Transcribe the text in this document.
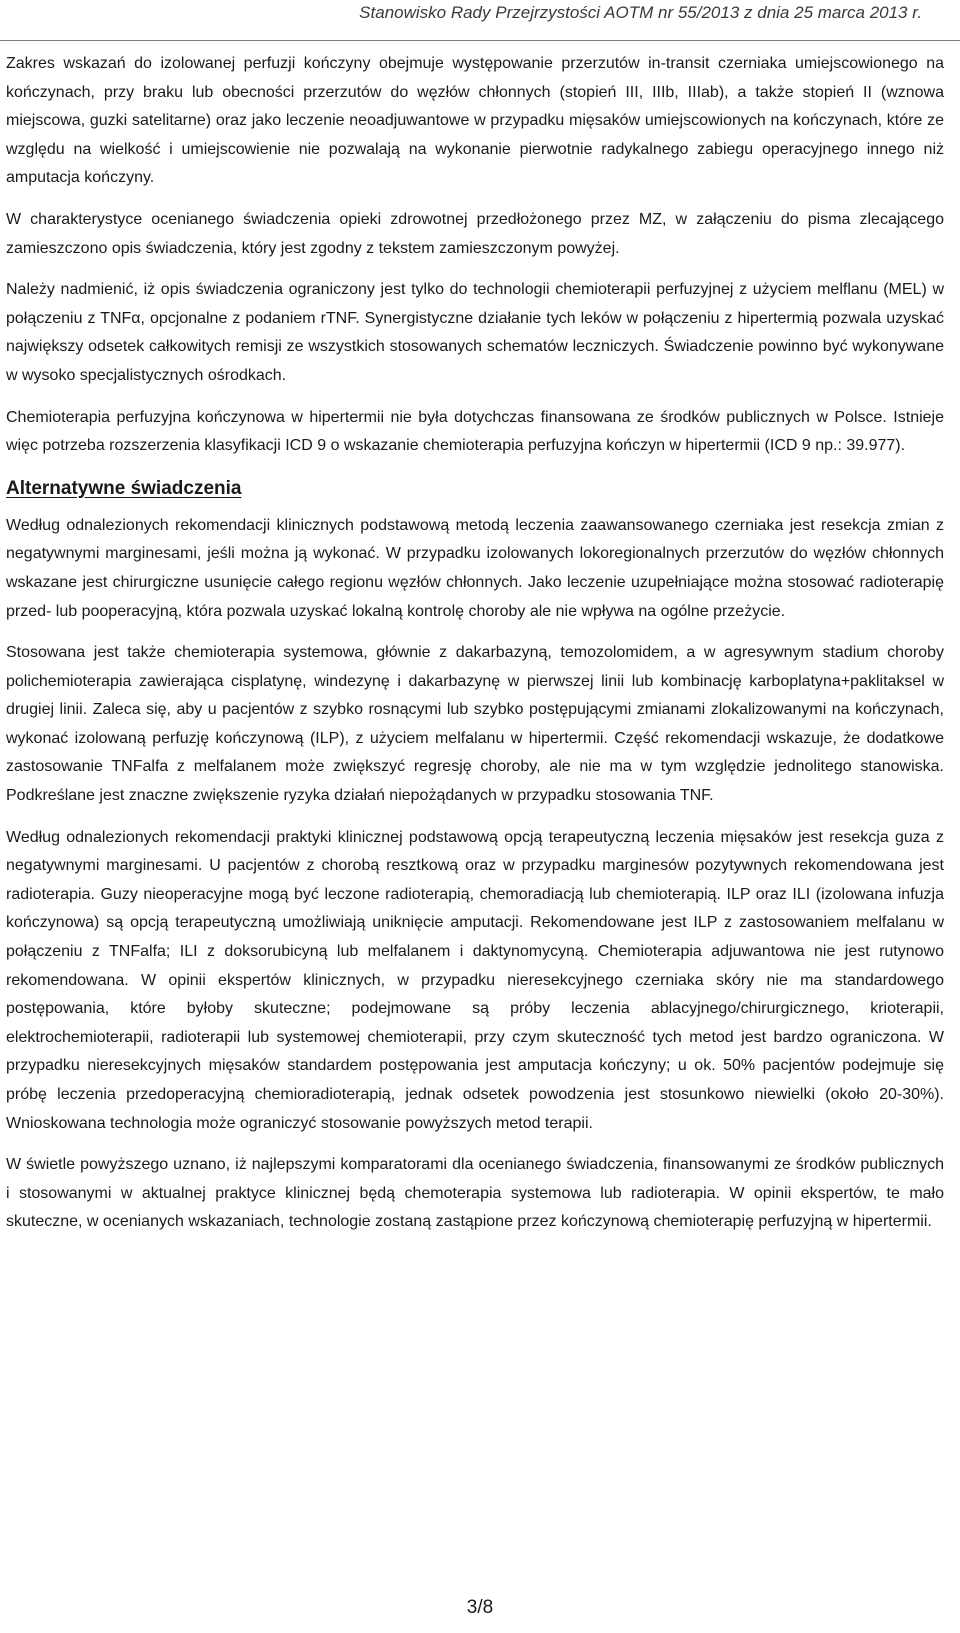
Stanowisko Rady Przejrzystości AOTM nr 55/2013 z dnia 25 marca 2013 r.

Zakres wskazań do izolowanej perfuzji kończyny obejmuje występowanie przerzutów in-transit czerniaka umiejscowionego na kończynach, przy braku lub obecności przerzutów do węzłów chłonnych (stopień III, IIIb, IIIab), a także stopień II (wznowa miejscowa, guzki satelitarne) oraz jako leczenie neoadjuwantowe w przypadku mięsaków umiejscowionych na kończynach, które ze względu na wielkość i umiejscowienie nie pozwalają na wykonanie pierwotnie radykalnego zabiegu operacyjnego innego niż amputacja kończyny.

W charakterystyce ocenianego świadczenia opieki zdrowotnej przedłożonego przez MZ, w załączeniu do pisma zlecającego zamieszczono opis świadczenia, który jest zgodny z tekstem zamieszczonym powyżej.

Należy nadmienić, iż opis świadczenia ograniczony jest tylko do technologii chemioterapii perfuzyjnej z użyciem melflanu (MEL) w połączeniu z TNFα, opcjonalne z podaniem rTNF. Synergistyczne działanie tych leków w połączeniu z hipertermią pozwala uzyskać największy odsetek całkowitych remisji ze wszystkich stosowanych schematów leczniczych. Świadczenie powinno być wykonywane w wysoko specjalistycznych ośrodkach.

Chemioterapia perfuzyjna kończynowa w hipertermii nie była dotychczas finansowana ze środków publicznych w Polsce. Istnieje więc potrzeba rozszerzenia klasyfikacji ICD 9 o wskazanie chemioterapia perfuzyjna kończyn w hipertermii (ICD 9 np.: 39.977).

Alternatywne świadczenia

Według odnalezionych rekomendacji klinicznych podstawową metodą leczenia zaawansowanego czerniaka jest resekcja zmian z negatywnymi marginesami, jeśli można ją wykonać. W przypadku izolowanych lokoregionalnych przerzutów do węzłów chłonnych wskazane jest chirurgiczne usunięcie całego regionu węzłów chłonnych. Jako leczenie uzupełniające można stosować radioterapię przed- lub pooperacyjną, która pozwala uzyskać lokalną kontrolę choroby ale nie wpływa na ogólne przeżycie.

Stosowana jest także chemioterapia systemowa, głównie z dakarbazyną, temozolomidem, a w agresywnym stadium choroby polichemioterapia zawierająca cisplatynę, windezynę i dakarbazynę w pierwszej linii lub kombinację karboplatyna+paklitaksel w drugiej linii. Zaleca się, aby u pacjentów z szybko rosnącymi lub szybko postępującymi zmianami zlokalizowanymi na kończynach, wykonać izolowaną perfuzję kończynową (ILP), z użyciem melfalanu w hipertermii. Część rekomendacji wskazuje, że dodatkowe zastosowanie TNFalfa z melfalanem może zwiększyć regresję choroby, ale nie ma w tym względzie jednolitego stanowiska. Podkreślane jest znaczne zwiększenie ryzyka działań niepożądanych w przypadku stosowania TNF.

Według odnalezionych rekomendacji praktyki klinicznej podstawową opcją terapeutyczną leczenia mięsaków jest resekcja guza z negatywnymi marginesami. U pacjentów z chorobą resztkową oraz w przypadku marginesów pozytywnych rekomendowana jest radioterapia. Guzy nieoperacyjne mogą być leczone radioterapią, chemoradiacją lub chemioterapią. ILP oraz ILI (izolowana infuzja kończynowa) są opcją terapeutyczną umożliwiają uniknięcie amputacji. Rekomendowane jest ILP z zastosowaniem melfalanu w połączeniu z TNFalfa; ILI z doksorubicyną lub melfalanem i daktynomycyną. Chemioterapia adjuwantowa nie jest rutynowo rekomendowana. W opinii ekspertów klinicznych, w przypadku nieresekcyjnego czerniaka skóry nie ma standardowego postępowania, które byłoby skuteczne; podejmowane są próby leczenia ablacyjnego/chirurgicznego, krioterapii, elektrochemioterapii, radioterapii lub systemowej chemioterapii, przy czym skuteczność tych metod jest bardzo ograniczona. W przypadku nieresekcyjnych mięsaków standardem postępowania jest amputacja kończyny; u ok. 50% pacjentów podejmuje się próbę leczenia przedoperacyjną chemioradioterapią, jednak odsetek powodzenia jest stosunkowo niewielki (około 20-30%). Wnioskowana technologia może ograniczyć stosowanie powyższych metod terapii.

W świetle powyższego uznano, iż najlepszymi komparatorami dla ocenianego świadczenia, finansowanymi ze środków publicznych i stosowanymi w aktualnej praktyce klinicznej będą chemoterapia systemowa lub radioterapia. W opinii ekspertów, te mało skuteczne, w ocenianych wskazaniach, technologie zostaną zastąpione przez kończynową chemioterapię perfuzyjną w hipertermii.

3/8
